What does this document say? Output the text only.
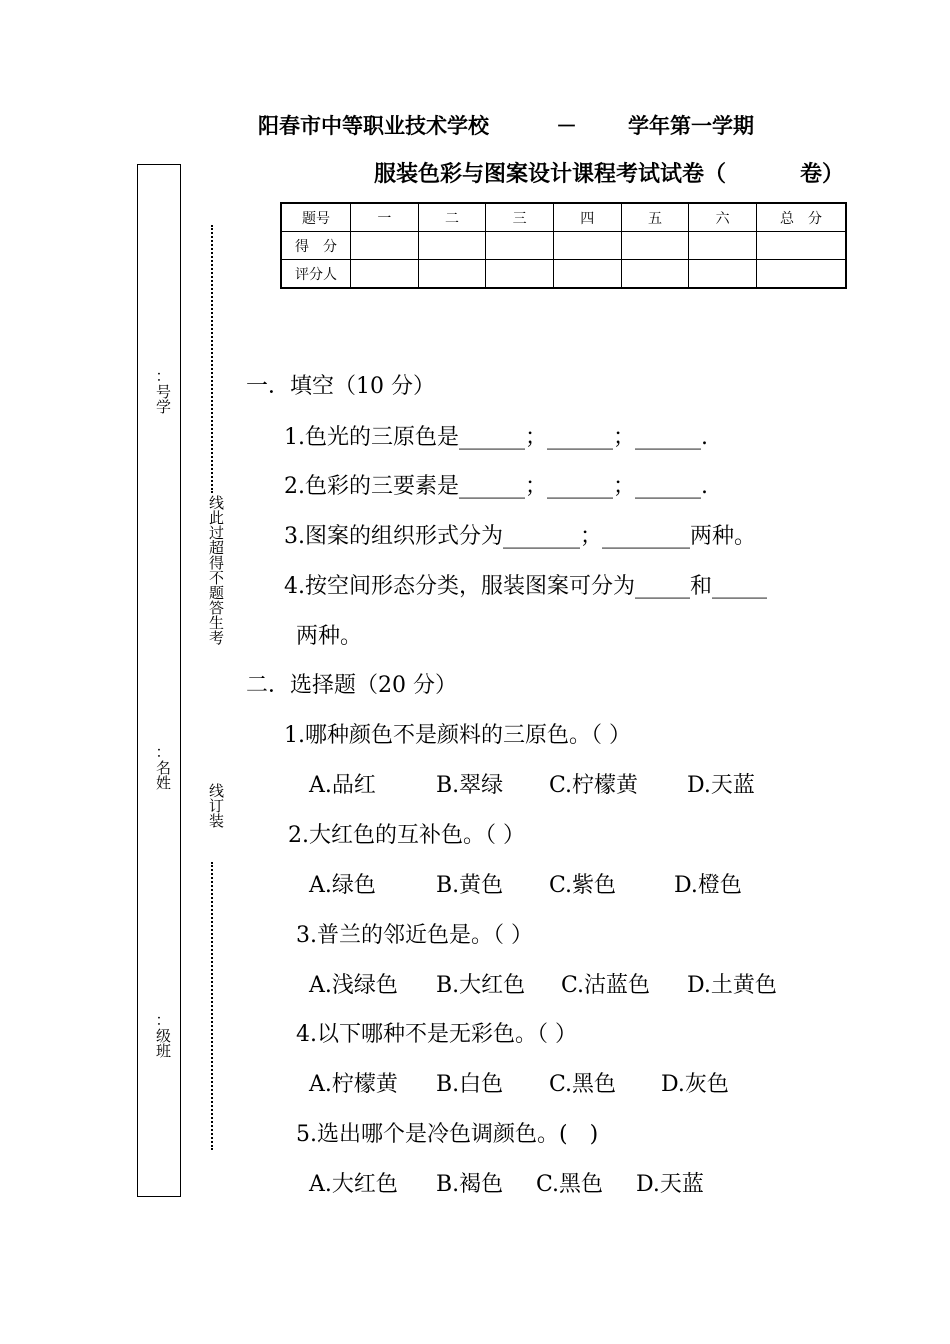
阳春市中等职业技术学校	－ 学年第一学期
服装色彩与图案设计课程考试试卷（	卷）
：
号学
：
名姓
：
级班
线此过超得不题答生考
线订装
题号	一	二	三	四	五	六	总　分
得　分							
评分人							
一．填空（10 分）
1.色光的三原色是______；______；______.
2.色彩的三要素是______；______；______.
3.图案的组织形式分为_______；________两种。
4.按空间形态分类，服装图案可分为_____和_____
两种。
二．选择题（20 分）
1.哪种颜色不是颜料的三原色。（ ）
A.品红	B.翠绿 C.柠檬黄 D.天蓝
2.大红色的互补色。（ ）
A.绿色	B.黄色 C.紫色	D.橙色
3.普兰的邻近色是。（ ）
A.浅绿色 B.大红色 C.沽蓝色 D.土黄色
4.以下哪种不是无彩色。（ ）
A.柠檬黄 B.白色 C.黑色 D.灰色
5.选出哪个是冷色调颜色。(　)
A.大红色 B.褐色 C.黑色 D.天蓝
